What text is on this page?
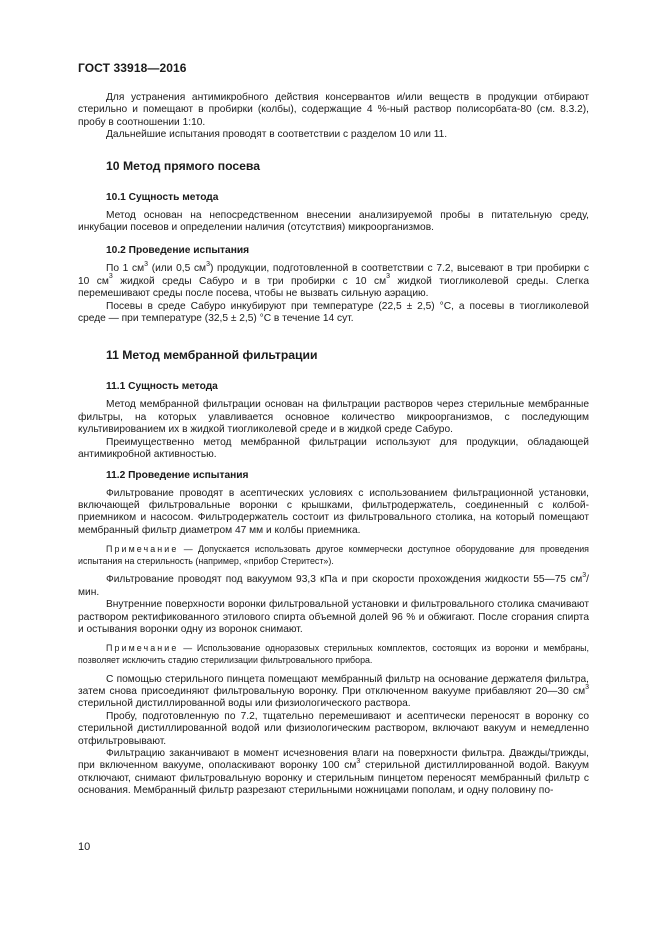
ГОСТ 33918—2016

Для устранения антимикробного действия консервантов и/или веществ в продукции отбирают стерильно и помещают в пробирки (колбы), содержащие 4 %-ный раствор полисорбата-80 (см. 8.3.2), пробу в соотношении 1:10.

Дальнейшие испытания проводят в соответствии с разделом 10 или 11.

10 Метод прямого посева

10.1 Сущность метода

Метод основан на непосредственном внесении анализируемой пробы в питательную среду, инкубации посевов и определении наличия (отсутствия) микроорганизмов.

10.2 Проведение испытания

По 1 $см^3$ (или 0,5 $см^3$) продукции, подготовленной в соответствии с 7.2, высевают в три пробирки с 10 $см^3$ жидкой среды Сабуро и в три пробирки с 10 $см^3$ жидкой тиогликолевой среды. Слегка перемешивают среды после посева, чтобы не вызвать сильную аэрацию.

Посевы в среде Сабуро инкубируют при температуре (22,5 ± 2,5) °С, а посевы в тиогликолевой среде — при температуре (32,5 ± 2,5) °С в течение 14 сут.

11 Метод мембранной фильтрации

11.1 Сущность метода

Метод мембранной фильтрации основан на фильтрации растворов через стерильные мембранные фильтры, на которых улавливается основное количество микроорганизмов, с последующим культивированием их в жидкой тиогликолевой среде и в жидкой среде Сабуро.

Преимущественно метод мембранной фильтрации используют для продукции, обладающей антимикробной активностью.

11.2 Проведение испытания

Фильтрование проводят в асептических условиях с использованием фильтрационной установки, включающей фильтровальные воронки с крышками, фильтродержатель, соединенный с колбой-приемником и насосом. Фильтродержатель состоит из фильтровального столика, на который помещают мембранный фильтр диаметром 47 мм и колбы приемника.

Примечание — Допускается использовать другое коммерчески доступное оборудование для проведения испытания на стерильность (например, «прибор Стеритест»).

Фильтрование проводят под вакуумом 93,3 кПа и при скорости прохождения жидкости 55—75 $см^3$/мин.

Внутренние поверхности воронки фильтровальной установки и фильтровального столика смачивают раствором ректификованного этилового спирта объемной долей 96 % и обжигают. После сгорания спирта и остывания воронки одну из воронок снимают.

Примечание — Использование одноразовых стерильных комплектов, состоящих из воронки и мембраны, позволяет исключить стадию стерилизации фильтровального прибора.

С помощью стерильного пинцета помещают мембранный фильтр на основание держателя фильтра, затем снова присоединяют фильтровальную воронку. При отключенном вакууме прибавляют 20—30 $см^3$ стерильной дистиллированной воды или физиологического раствора.

Пробу, подготовленную по 7.2, тщательно перемешивают и асептически переносят в воронку со стерильной дистиллированной водой или физиологическим раствором, включают вакуум и немедленно отфильтровывают.

Фильтрацию заканчивают в момент исчезновения влаги на поверхности фильтра. Дважды/трижды, при включенном вакууме, ополаскивают воронку 100 $см^3$ стерильной дистиллированной водой. Вакуум отключают, снимают фильтровальную воронку и стерильным пинцетом переносят мембранный фильтр с основания. Мембранный фильтр разрезают стерильными ножницами пополам, и одну половину по-

10
